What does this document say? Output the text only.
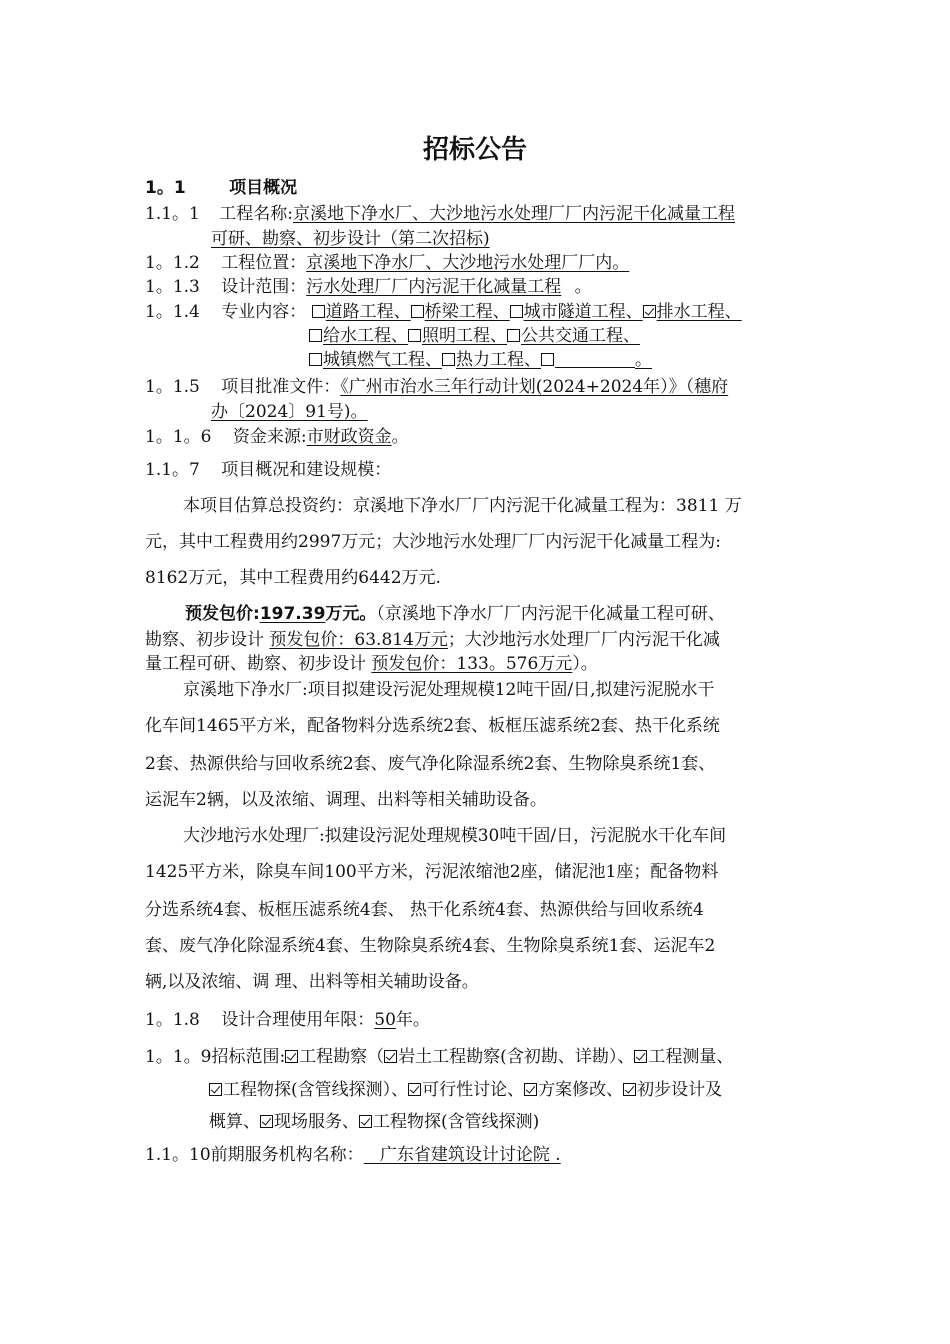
招标公告
1。1	项目概况
1.1。1 工程名称:京溪地下净水厂、大沙地污水处理厂厂内污泥干化减量工程
可研、勘察、初步设计（第二次招标)
1。1.2 工程位置：京溪地下净水厂、大沙地污水处理厂厂内。
1。1.3 设计范围：污水处理厂厂内污泥干化减量工程 。
1。1.4 专业内容： 道路工程、 桥梁工程、 城市隧道工程、 排水工程、
给水工程、 照明工程、 公共交通工程、
城镇燃气工程、 热力工程、	。
1。1.5 项目批准文件：《广州市治水三年行动计划(2024+2024年）》（穗府
办〔2024〕91号)。
1。1。6 资金来源:市财政资金。
1.1。7 项目概况和建设规模：
本项目估算总投资约：京溪地下净水厂厂内污泥干化减量工程为：3811 万
元，其中工程费用约2997万元；大沙地污水处理厂厂内污泥干化减量工程为:
8162万元，其中工程费用约6442万元.
预发包价:197.39万元。（京溪地下净水厂厂内污泥干化减量工程可研、
勘察、初步设计 预发包价：63.814万元；大沙地污水处理厂厂内污泥干化减
量工程可研、勘察、初步设计 预发包价：133。576万元）。
京溪地下净水厂:项目拟建设污泥处理规模12吨干固/日,拟建污泥脱水干
化车间1465平方米，配备物料分选系统2套、板框压滤系统2套、热干化系统
2套、热源供给与回收系统2套、废气净化除湿系统2套、生物除臭系统1套、
运泥车2辆，以及浓缩、调理、出料等相关辅助设备。
大沙地污水处理厂:拟建设污泥处理规模30吨干固/日，污泥脱水干化车间
1425平方米，除臭车间100平方米，污泥浓缩池2座，储泥池1座；配备物料
分选系统4套、板框压滤系统4套、 热干化系统4套、热源供给与回收系统4
套、废气净化除湿系统4套、生物除臭系统4套、生物除臭系统1套、运泥车2
辆,以及浓缩、调 理、出料等相关辅助设备。
1。1.8 设计合理使用年限：50年。
1。1。9招标范围: 工程勘察（ 岩土工程勘察(含初勘、详勘）、 工程测量、
工程物探(含管线探测）、 可行性讨论、 方案修改、 初步设计及
概算、 现场服务、 工程物探(含管线探测)
1.1。10前期服务机构名称：   广东省建筑设计讨论院 .
